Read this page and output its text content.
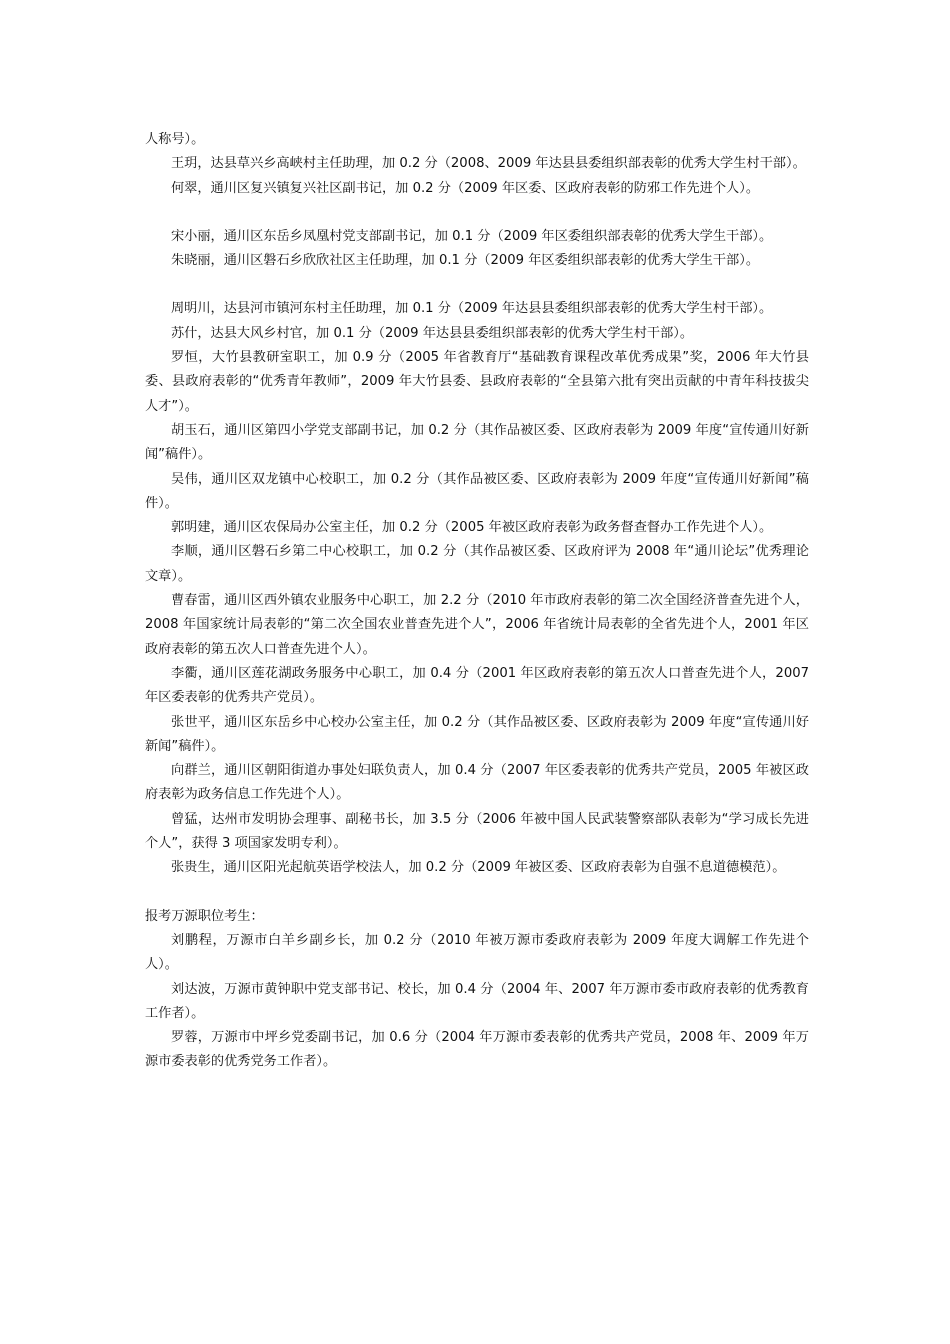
人称号）。

王玥，达县草兴乡高峡村主任助理，加 0.2 分（2008、2009 年达县县委组织部表彰的优秀大学生村干部）。

何翠，通川区复兴镇复兴社区副书记，加 0.2 分（2009 年区委、区政府表彰的防邪工作先进个人）。

宋小丽，通川区东岳乡凤凰村党支部副书记，加 0.1 分（2009 年区委组织部表彰的优秀大学生干部）。

朱晓丽，通川区磐石乡欣欣社区主任助理，加 0.1 分（2009 年区委组织部表彰的优秀大学生干部）。

周明川，达县河市镇河东村主任助理，加 0.1 分（2009 年达县县委组织部表彰的优秀大学生村干部）。

苏什，达县大风乡村官，加 0.1 分（2009 年达县县委组织部表彰的优秀大学生村干部）。

罗恒，大竹县教研室职工，加 0.9 分（2005 年省教育厅“基础教育课程改革优秀成果”奖，2006 年大竹县委、县政府表彰的“优秀青年教师”，2009 年大竹县委、县政府表彰的“全县第六批有突出贡献的中青年科技拔尖人才”）。

胡玉石，通川区第四小学党支部副书记，加 0.2 分（其作品被区委、区政府表彰为 2009 年度“宣传通川好新闻”稿件）。

吴伟，通川区双龙镇中心校职工，加 0.2 分（其作品被区委、区政府表彰为 2009 年度“宣传通川好新闻”稿件）。

郭明建，通川区农保局办公室主任，加 0.2 分（2005 年被区政府表彰为政务督查督办工作先进个人）。

李顺，通川区磐石乡第二中心校职工，加 0.2 分（其作品被区委、区政府评为 2008 年“通川论坛”优秀理论文章）。

曹春雷，通川区西外镇农业服务中心职工，加 2.2 分（2010 年市政府表彰的第二次全国经济普查先进个人，2008 年国家统计局表彰的“第二次全国农业普查先进个人”，2006 年省统计局表彰的全省先进个人，2001 年区政府表彰的第五次人口普查先进个人）。

李衢，通川区莲花湖政务服务中心职工，加 0.4 分（2001 年区政府表彰的第五次人口普查先进个人，2007 年区委表彰的优秀共产党员）。

张世平，通川区东岳乡中心校办公室主任，加 0.2 分（其作品被区委、区政府表彰为 2009 年度“宣传通川好新闻”稿件）。

向群兰，通川区朝阳街道办事处妇联负责人，加 0.4 分（2007 年区委表彰的优秀共产党员，2005 年被区政府表彰为政务信息工作先进个人）。

曾猛，达州市发明协会理事、副秘书长，加 3.5 分（2006 年被中国人民武装警察部队表彰为“学习成长先进个人”，获得 3 项国家发明专利）。

张贵生，通川区阳光起航英语学校法人，加 0.2 分（2009 年被区委、区政府表彰为自强不息道德模范）。

报考万源职位考生：

刘鹏程，万源市白羊乡副乡长，加 0.2 分（2010 年被万源市委政府表彰为 2009 年度大调解工作先进个人）。

刘达波，万源市黄钟职中党支部书记、校长，加 0.4 分（2004 年、2007 年万源市委市政府表彰的优秀教育工作者）。

罗蓉，万源市中坪乡党委副书记，加 0.6 分（2004 年万源市委表彰的优秀共产党员，2008 年、2009 年万源市委表彰的优秀党务工作者）。
